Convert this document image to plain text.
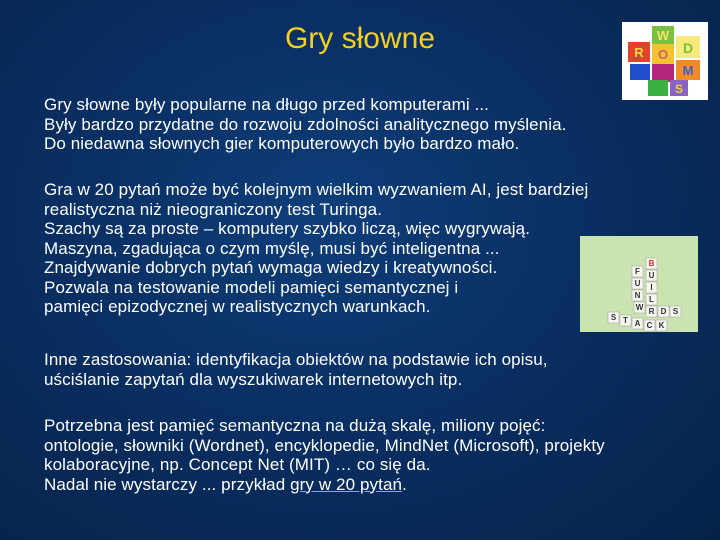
Gry słowne	W
R O D
M
S
B
U
I
L
F
U
N
W R D S
S T A C K

Gry słowne były popularne na długo przed komputerami ...
Były bardzo przydatne do rozwoju zdolności analitycznego myślenia.
Do niedawna słownych gier komputerowych było bardzo mało.

Gra w 20 pytań może być kolejnym wielkim wyzwaniem AI, jest bardziej
realistyczna niż nieograniczony test Turinga.
Szachy są za proste – komputery szybko liczą, więc wygrywają.
Maszyna, zgadująca o czym myślę, musi być inteligentna ...
Znajdywanie dobrych pytań wymaga wiedzy i kreatywności.
Pozwala na testowanie modeli pamięci semantycznej i
pamięci epizodycznej w realistycznych warunkach.

Inne zastosowania: identyfikacja obiektów na podstawie ich opisu,
uściślanie zapytań dla wyszukiwarek internetowych itp.

Potrzebna jest pamięć semantyczna na dużą skalę, miliony pojęć:
ontologie, słowniki (Wordnet), encyklopedie, MindNet (Microsoft), projekty
kolaboracyjne, np. Concept Net (MIT) … co się da.
Nadal nie wystarczy ... przykład gry w 20 pytań.
